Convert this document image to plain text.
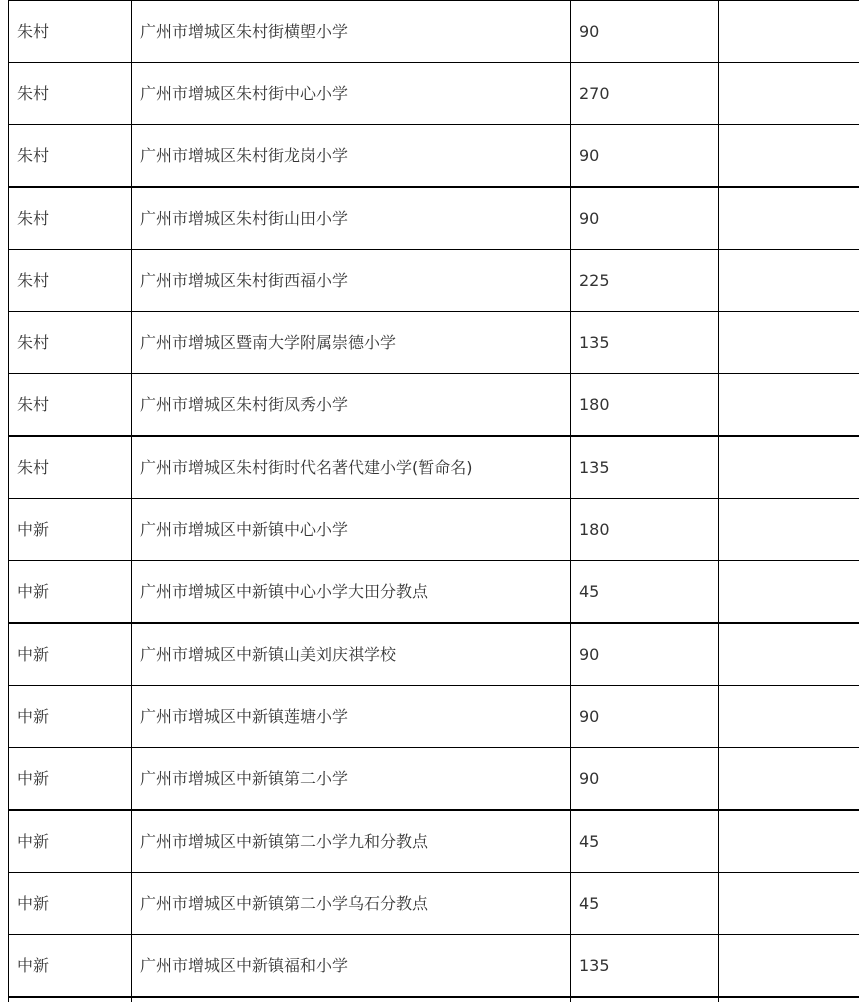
朱村	广州市增城区朱村街横塱小学	90	
朱村	广州市增城区朱村街中心小学	270	
朱村	广州市增城区朱村街龙岗小学	90	
朱村	广州市增城区朱村街山田小学	90	
朱村	广州市增城区朱村街西福小学	225	
朱村	广州市增城区暨南大学附属崇德小学	135	
朱村	广州市增城区朱村街凤秀小学	180	
朱村	广州市增城区朱村街时代名著代建小学(暂命名)	135	
中新	广州市增城区中新镇中心小学	180	
中新	广州市增城区中新镇中心小学大田分教点	45	
中新	广州市增城区中新镇山美刘庆祺学校	90	
中新	广州市增城区中新镇莲塘小学	90	
中新	广州市增城区中新镇第二小学	90	
中新	广州市增城区中新镇第二小学九和分教点	45	
中新	广州市增城区中新镇第二小学乌石分教点	45	
中新	广州市增城区中新镇福和小学	135	
